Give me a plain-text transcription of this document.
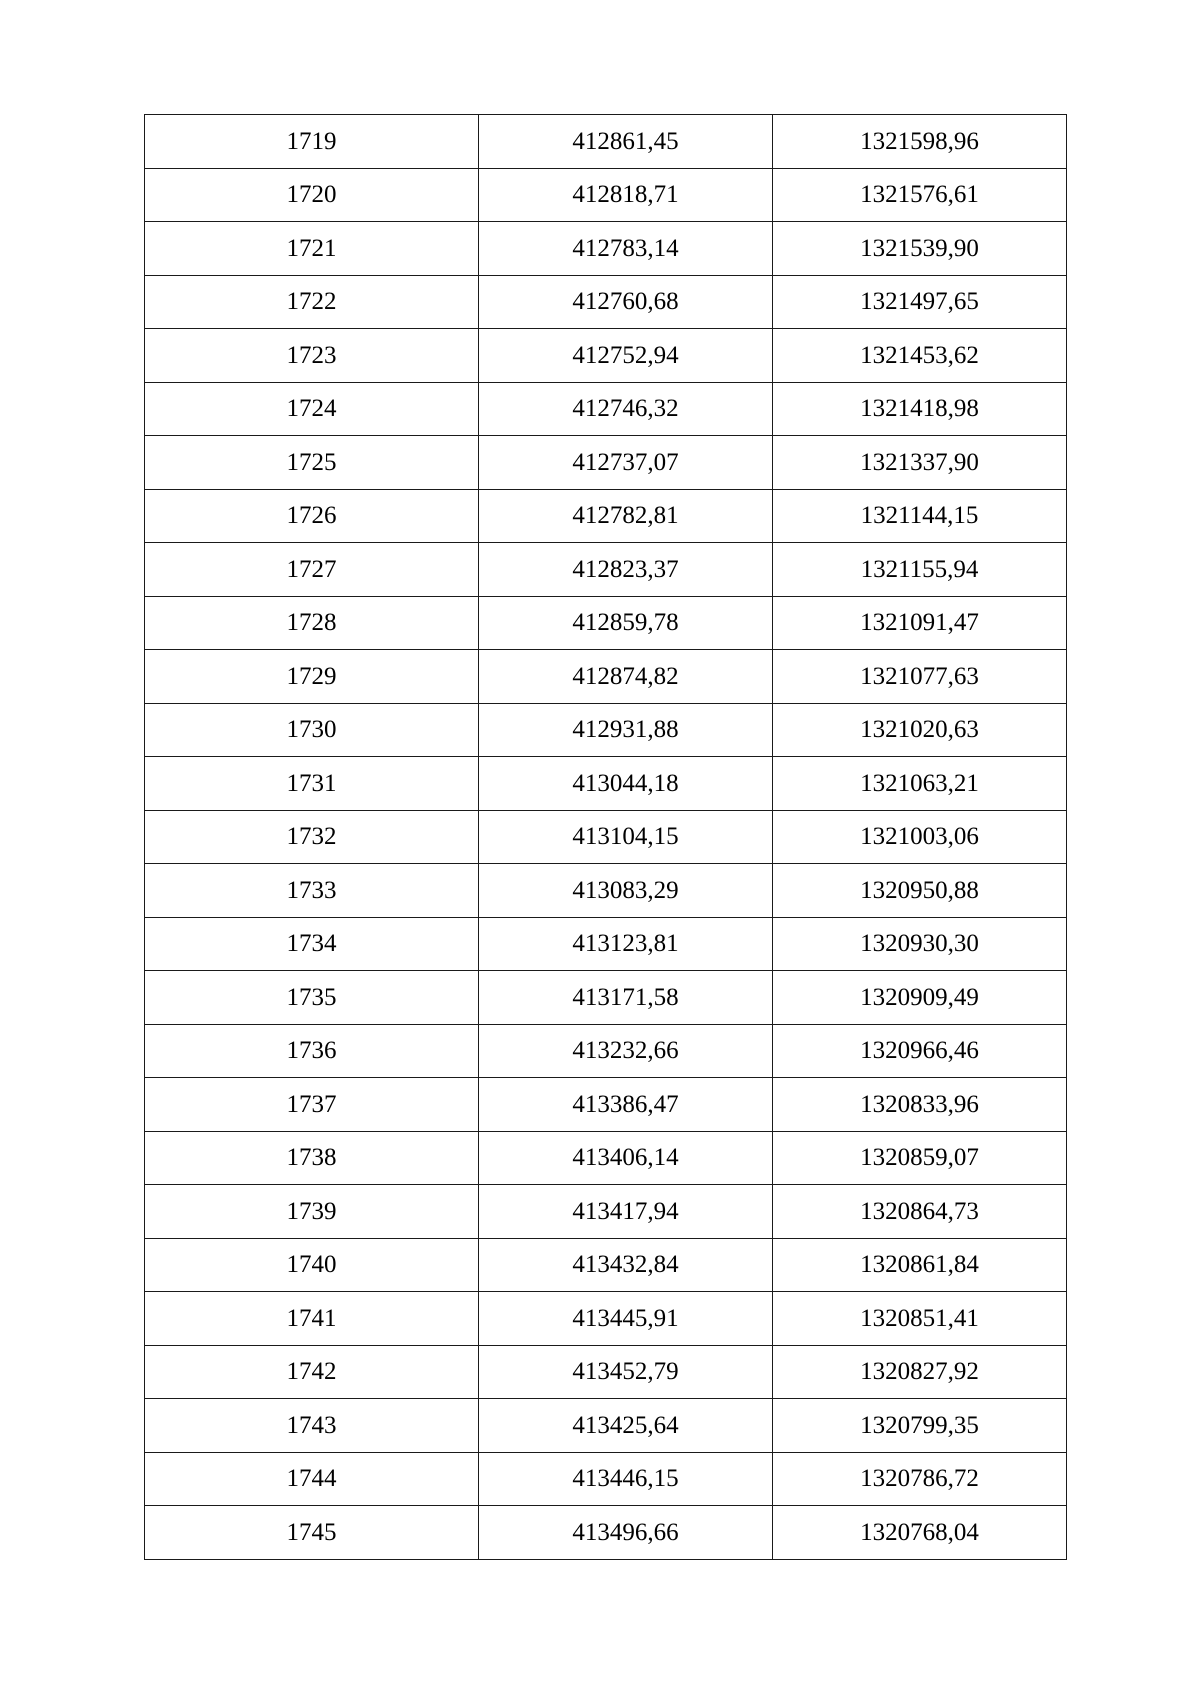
1719	412861,45	1321598,96
1720	412818,71	1321576,61
1721	412783,14	1321539,90
1722	412760,68	1321497,65
1723	412752,94	1321453,62
1724	412746,32	1321418,98
1725	412737,07	1321337,90
1726	412782,81	1321144,15
1727	412823,37	1321155,94
1728	412859,78	1321091,47
1729	412874,82	1321077,63
1730	412931,88	1321020,63
1731	413044,18	1321063,21
1732	413104,15	1321003,06
1733	413083,29	1320950,88
1734	413123,81	1320930,30
1735	413171,58	1320909,49
1736	413232,66	1320966,46
1737	413386,47	1320833,96
1738	413406,14	1320859,07
1739	413417,94	1320864,73
1740	413432,84	1320861,84
1741	413445,91	1320851,41
1742	413452,79	1320827,92
1743	413425,64	1320799,35
1744	413446,15	1320786,72
1745	413496,66	1320768,04
